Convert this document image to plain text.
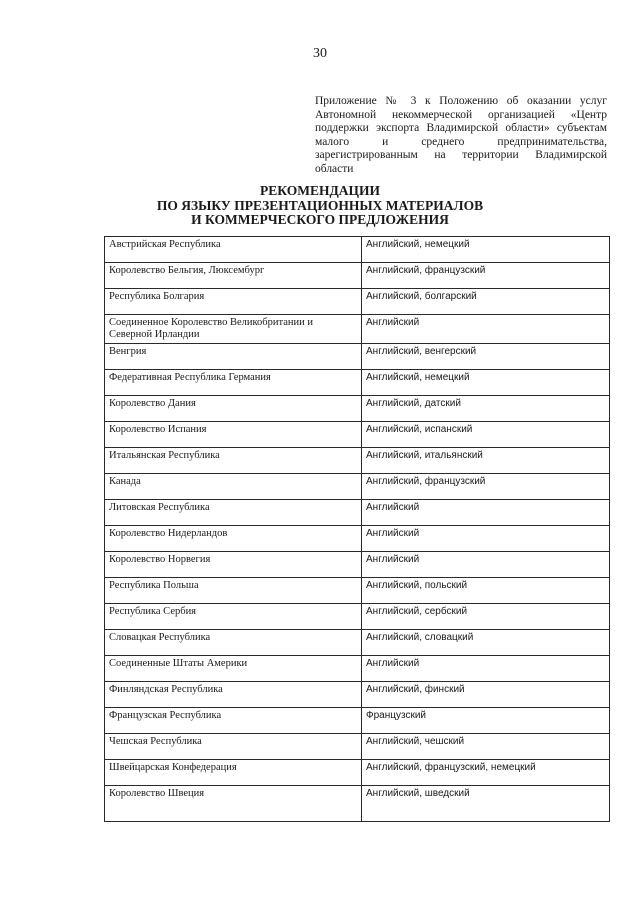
30
Приложение № 3 к Положению об оказании услуг
Автономной некоммерческой организацией «Центр
поддержки экспорта Владимирской области» субъектам
малого и среднего предпринимательства,
зарегистрированным на территории Владимирской области
РЕКОМЕНДАЦИИ
ПО ЯЗЫКУ ПРЕЗЕНТАЦИОННЫХ МАТЕРИАЛОВ
И КОММЕРЧЕСКОГО ПРЕДЛОЖЕНИЯ
Австрийская Республика	Английский, немецкий
Королевство Бельгия, Люксембург	Английский, французский
Республика Болгария	Английский, болгарский
Соединенное Королевство Великобритании и Северной Ирландии	Английский
Венгрия	Английский, венгерский
Федеративная Республика Германия	Английский, немецкий
Королевство Дания	Английский, датский
Королевство Испания	Английский, испанский
Итальянская Республика	Английский, итальянский
Канада	Английский, французский
Литовская Республика	Английский
Королевство Нидерландов	Английский
Королевство Норвегия	Английский
Республика Польша	Английский, польский
Республика Сербия	Английский, сербский
Словацкая Республика	Английский, словацкий
Соединенные Штаты Америки	Английский
Финляндская Республика	Английский, финский
Французская Республика	Французский
Чешская Республика	Английский, чешский
Швейцарская Конфедерация	Английский, французский, немецкий
Королевство Швеция	Английский, шведский
